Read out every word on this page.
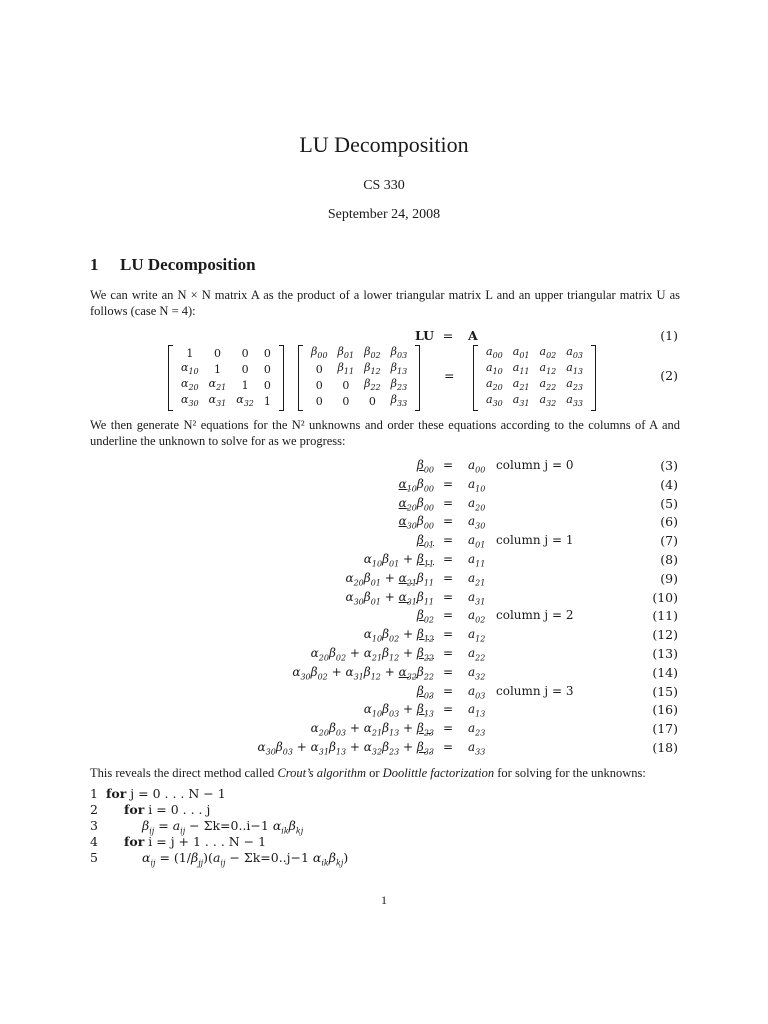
LU Decomposition
CS 330
September 24, 2008
1 LU Decomposition
We can write an N × N matrix A as the product of a lower triangular matrix L and an upper triangular matrix U as follows (case N = 4):
LU = A	(1)
1	0	0	0
$\alpha_{10}$	1	0	0
$\alpha_{20}$	$\alpha_{21}$	1	0
$\alpha_{30}$	$\alpha_{31}$	$\alpha_{32}$	1
$\beta_{00}$	$\beta_{01}$	$\beta_{02}$	$\beta_{03}$
0	$\beta_{11}$	$\beta_{12}$	$\beta_{13}$
0	0	$\beta_{22}$	$\beta_{23}$
0	0	0	$\beta_{33}$
=
$a_{00}$	$a_{01}$	$a_{02}$	$a_{03}$
$a_{10}$	$a_{11}$	$a_{12}$	$a_{13}$
$a_{20}$	$a_{21}$	$a_{22}$	$a_{23}$
$a_{30}$	$a_{31}$	$a_{32}$	$a_{33}$
(2)
We then generate N² equations for the N² unknowns and order these equations according to the columns of A and underline the unknown to solve for as we progress:
$\beta_{00} = a_{00}$ column j = 0	(3)
$\alpha_{10}\beta_{00} = a_{10}$	(4)
$\alpha_{20}\beta_{00} = a_{20}$	(5)
$\alpha_{30}\beta_{00} = a_{30}$	(6)
$\beta_{01} = a_{01}$ column j = 1	(7)
$\alpha_{10}\beta_{01} + \beta_{11} = a_{11}$	(8)
$\alpha_{20}\beta_{01} + \alpha_{21}\beta_{11} = a_{21}$	(9)
$\alpha_{30}\beta_{01} + \alpha_{31}\beta_{11} = a_{31}$	(10)
$\beta_{02} = a_{02}$ column j = 2	(11)
$\alpha_{10}\beta_{02} + \beta_{12} = a_{12}$	(12)
$\alpha_{20}\beta_{02} + \alpha_{21}\beta_{12} + \beta_{22} = a_{22}$	(13)
$\alpha_{30}\beta_{02} + \alpha_{31}\beta_{12} + \alpha_{32}\beta_{22} = a_{32}$	(14)
$\beta_{03} = a_{03}$ column j = 3	(15)
$\alpha_{10}\beta_{03} + \beta_{13} = a_{13}$	(16)
$\alpha_{20}\beta_{03} + \alpha_{21}\beta_{13} + \beta_{23} = a_{23}$	(17)
$\alpha_{30}\beta_{03} + \alpha_{31}\beta_{13} + \alpha_{32}\beta_{23} + \beta_{33} = a_{33}$	(18)
This reveals the direct method called Crout’s algorithm or Doolittle factorization for solving for the unknowns:
1 for j = 0 . . . N − 1
2	for i = 0 . . . j
3	$\beta_{ij} = a_{ij} - \Sigma k=0..i-1$ $\alpha_{ik}\beta_{kj}$
4	for i = j + 1 . . . N − 1
5	$\alpha_{ij} = (1/\beta_{jj})(a_{ij} - \Sigma k=0..j-1$ $\alpha_{ik}\beta_{kj}$)
1
